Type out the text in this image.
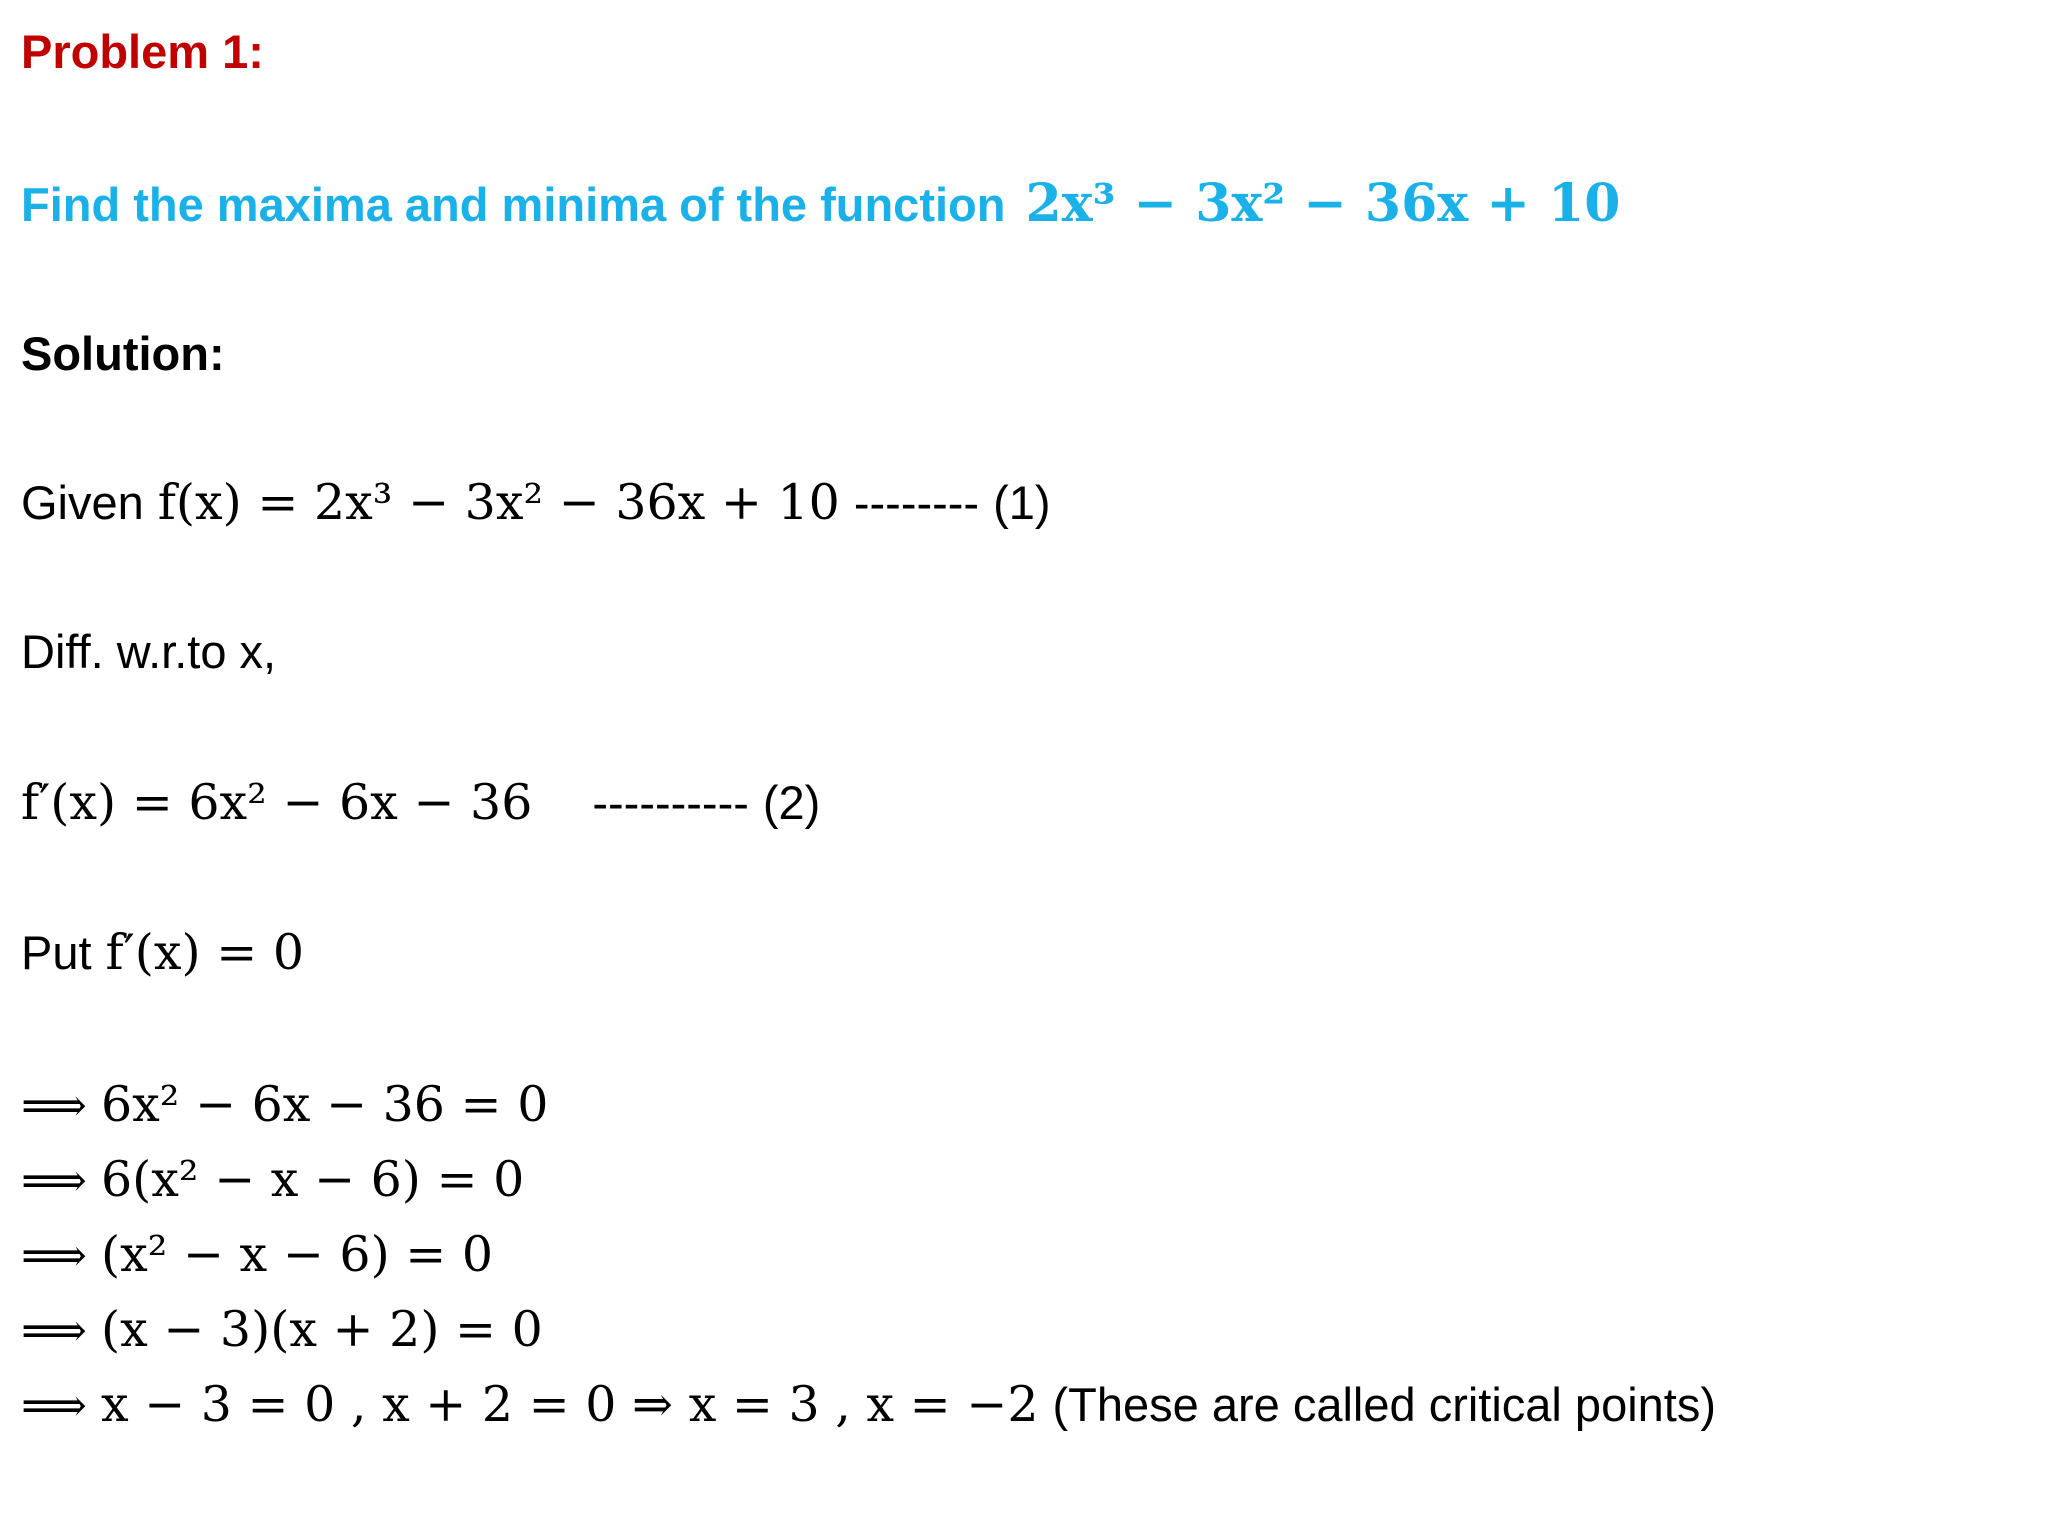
Problem 1:
Find the maxima and minima of the function 2x³ − 3x² − 36x + 10
Solution:
Given f(x) = 2x³ − 3x² − 36x + 10 -------- (1)
Diff. w.r.to x,
f′(x) = 6x² − 6x − 36 ---------- (2)
Put f′(x) = 0
⟹ 6x² − 6x − 36 = 0
⟹ 6(x² − x − 6) = 0
⟹ (x² − x − 6) = 0
⟹ (x − 3)(x + 2) = 0
⟹ x − 3 = 0 , x + 2 = 0 ⇒ x = 3 , x = −2 (These are called critical points)
